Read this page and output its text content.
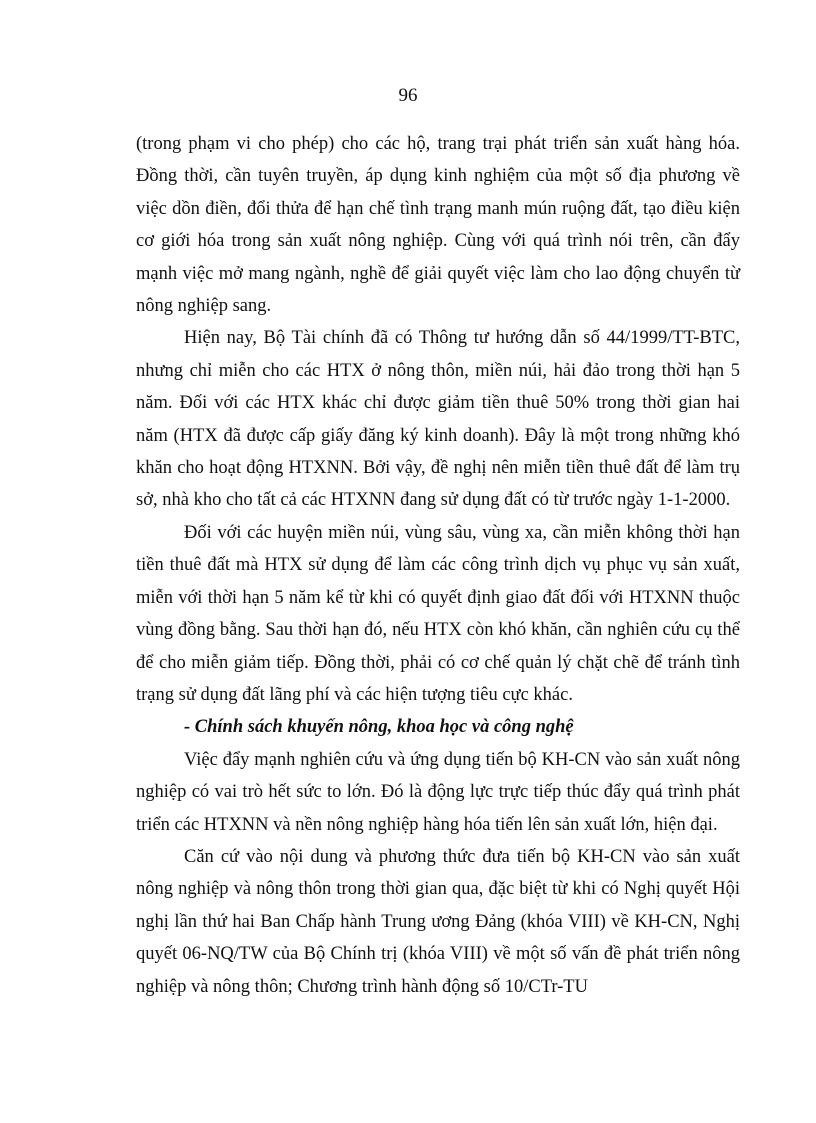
96

(trong phạm vi cho phép) cho các hộ, trang trại phát triển sản xuất hàng hóa. Đồng thời, cần tuyên truyền, áp dụng kinh nghiệm của một số địa phương về việc dồn điền, đổi thửa để hạn chế tình trạng manh mún ruộng đất, tạo điều kiện cơ giới hóa trong sản xuất nông nghiệp. Cùng với quá trình nói trên, cần đẩy mạnh việc mở mang ngành, nghề để giải quyết việc làm cho lao động chuyển từ nông nghiệp sang.

Hiện nay, Bộ Tài chính đã có Thông tư hướng dẫn số 44/1999/TT-BTC, nhưng chỉ miễn cho các HTX ở nông thôn, miền núi, hải đảo trong thời hạn 5 năm. Đối với các HTX khác chỉ được giảm tiền thuê 50% trong thời gian hai năm (HTX đã được cấp giấy đăng ký kinh doanh). Đây là một trong những khó khăn cho hoạt động HTXNN. Bởi vậy, đề nghị nên miễn tiền thuê đất để làm trụ sở, nhà kho cho tất cả các HTXNN đang sử dụng đất có từ trước ngày 1-1-2000.

Đối với các huyện miền núi, vùng sâu, vùng xa, cần miễn không thời hạn tiền thuê đất mà HTX sử dụng để làm các công trình dịch vụ phục vụ sản xuất, miễn với thời hạn 5 năm kể từ khi có quyết định giao đất đối với HTXNN thuộc vùng đồng bằng. Sau thời hạn đó, nếu HTX còn khó khăn, cần nghiên cứu cụ thể để cho miễn giảm tiếp. Đồng thời, phải có cơ chế quản lý chặt chẽ để tránh tình trạng sử dụng đất lãng phí và các hiện tượng tiêu cực khác.

- Chính sách khuyến nông, khoa học và công nghệ

Việc đẩy mạnh nghiên cứu và ứng dụng tiến bộ KH-CN vào sản xuất nông nghiệp có vai trò hết sức to lớn. Đó là động lực trực tiếp thúc đẩy quá trình phát triển các HTXNN và nền nông nghiệp hàng hóa tiến lên sản xuất lớn, hiện đại.

Căn cứ vào nội dung và phương thức đưa tiến bộ KH-CN vào sản xuất nông nghiệp và nông thôn trong thời gian qua, đặc biệt từ khi có Nghị quyết Hội nghị lần thứ hai Ban Chấp hành Trung ương Đảng (khóa VIII) về KH-CN, Nghị quyết 06-NQ/TW của Bộ Chính trị (khóa VIII) về một số vấn đề phát triển nông nghiệp và nông thôn; Chương trình hành động số 10/CTr-TU
